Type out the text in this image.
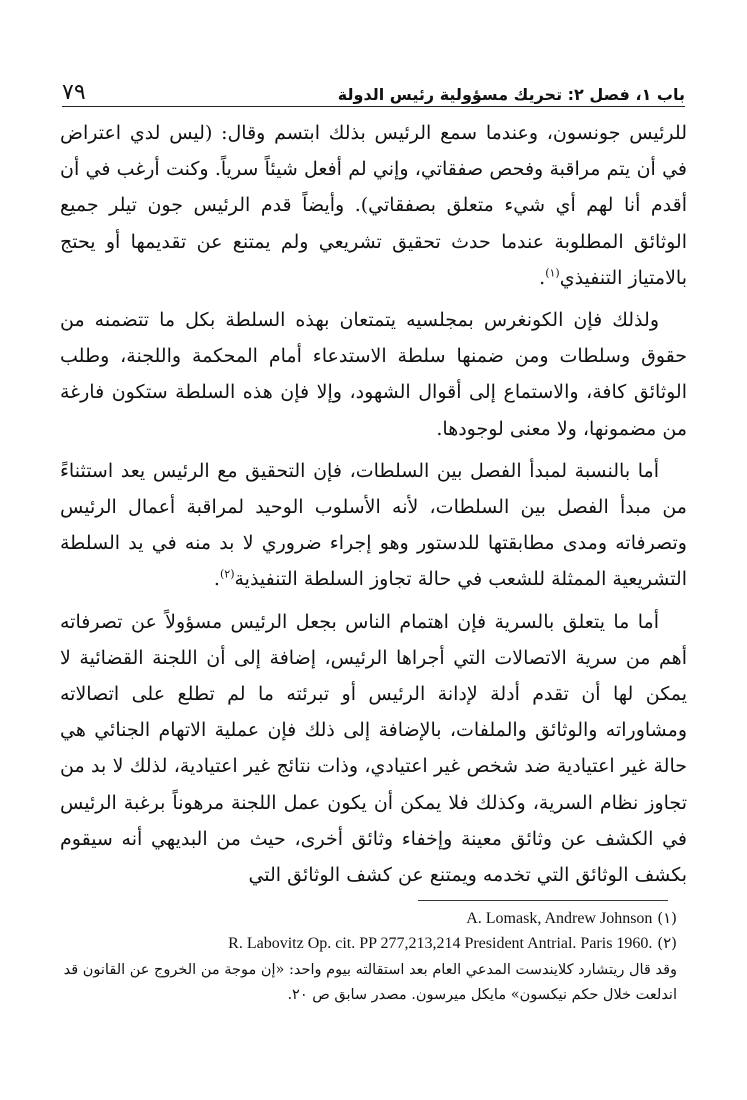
باب ١، فصل ٢: تحريك مسؤولية رئيس الدولة
٧٩

للرئيس جونسون، وعندما سمع الرئيس بذلك ابتسم وقال: (ليس لدي اعتراض في أن يتم مراقبة وفحص صفقاتي، وإني لم أفعل شيئاً سرياً. وكنت أرغب في أن أقدم أنا لهم أي شيء متعلق بصفقاتي). وأيضاً قدم الرئيس جون تيلر جميع الوثائق المطلوبة عندما حدث تحقيق تشريعي ولم يمتنع عن تقديمها أو يحتج بالامتياز التنفيذي$^{(١)}$.

ولذلك فإن الكونغرس بمجلسيه يتمتعان بهذه السلطة بكل ما تتضمنه من حقوق وسلطات ومن ضمنها سلطة الاستدعاء أمام المحكمة واللجنة، وطلب الوثائق كافة، والاستماع إلى أقوال الشهود، وإلا فإن هذه السلطة ستكون فارغة من مضمونها، ولا معنى لوجودها.

أما بالنسبة لمبدأ الفصل بين السلطات، فإن التحقيق مع الرئيس يعد استثناءً من مبدأ الفصل بين السلطات، لأنه الأسلوب الوحيد لمراقبة أعمال الرئيس وتصرفاته ومدى مطابقتها للدستور وهو إجراء ضروري لا بد منه في يد السلطة التشريعية الممثلة للشعب في حالة تجاوز السلطة التنفيذية$^{(٢)}$.

أما ما يتعلق بالسرية فإن اهتمام الناس بجعل الرئيس مسؤولاً عن تصرفاته أهم من سرية الاتصالات التي أجراها الرئيس، إضافة إلى أن اللجنة القضائية لا يمكن لها أن تقدم أدلة لإدانة الرئيس أو تبرئته ما لم تطلع على اتصالاته ومشاوراته والوثائق والملفات، بالإضافة إلى ذلك فإن عملية الاتهام الجنائي هي حالة غير اعتيادية ضد شخص غير اعتيادي، وذات نتائج غير اعتيادية، لذلك لا بد من تجاوز نظام السرية، وكذلك فلا يمكن أن يكون عمل اللجنة مرهوناً برغبة الرئيس في الكشف عن وثائق معينة وإخفاء وثائق أخرى، حيث من البديهي أنه سيقوم بكشف الوثائق التي تخدمه ويمتنع عن كشف الوثائق التي

(١) A. Lomask, Andrew Johnson
(٢) R. Labovitz Op. cit. PP 277,213,214 President Antrial. Paris 1960.
وقد قال ريتشارد كلايندست المدعي العام بعد استقالته بيوم واحد: «إن موجة من الخروج عن القانون قد اندلعت خلال حكم نيكسون» مايكل ميرسون. مصدر سابق ص ٢٠.
